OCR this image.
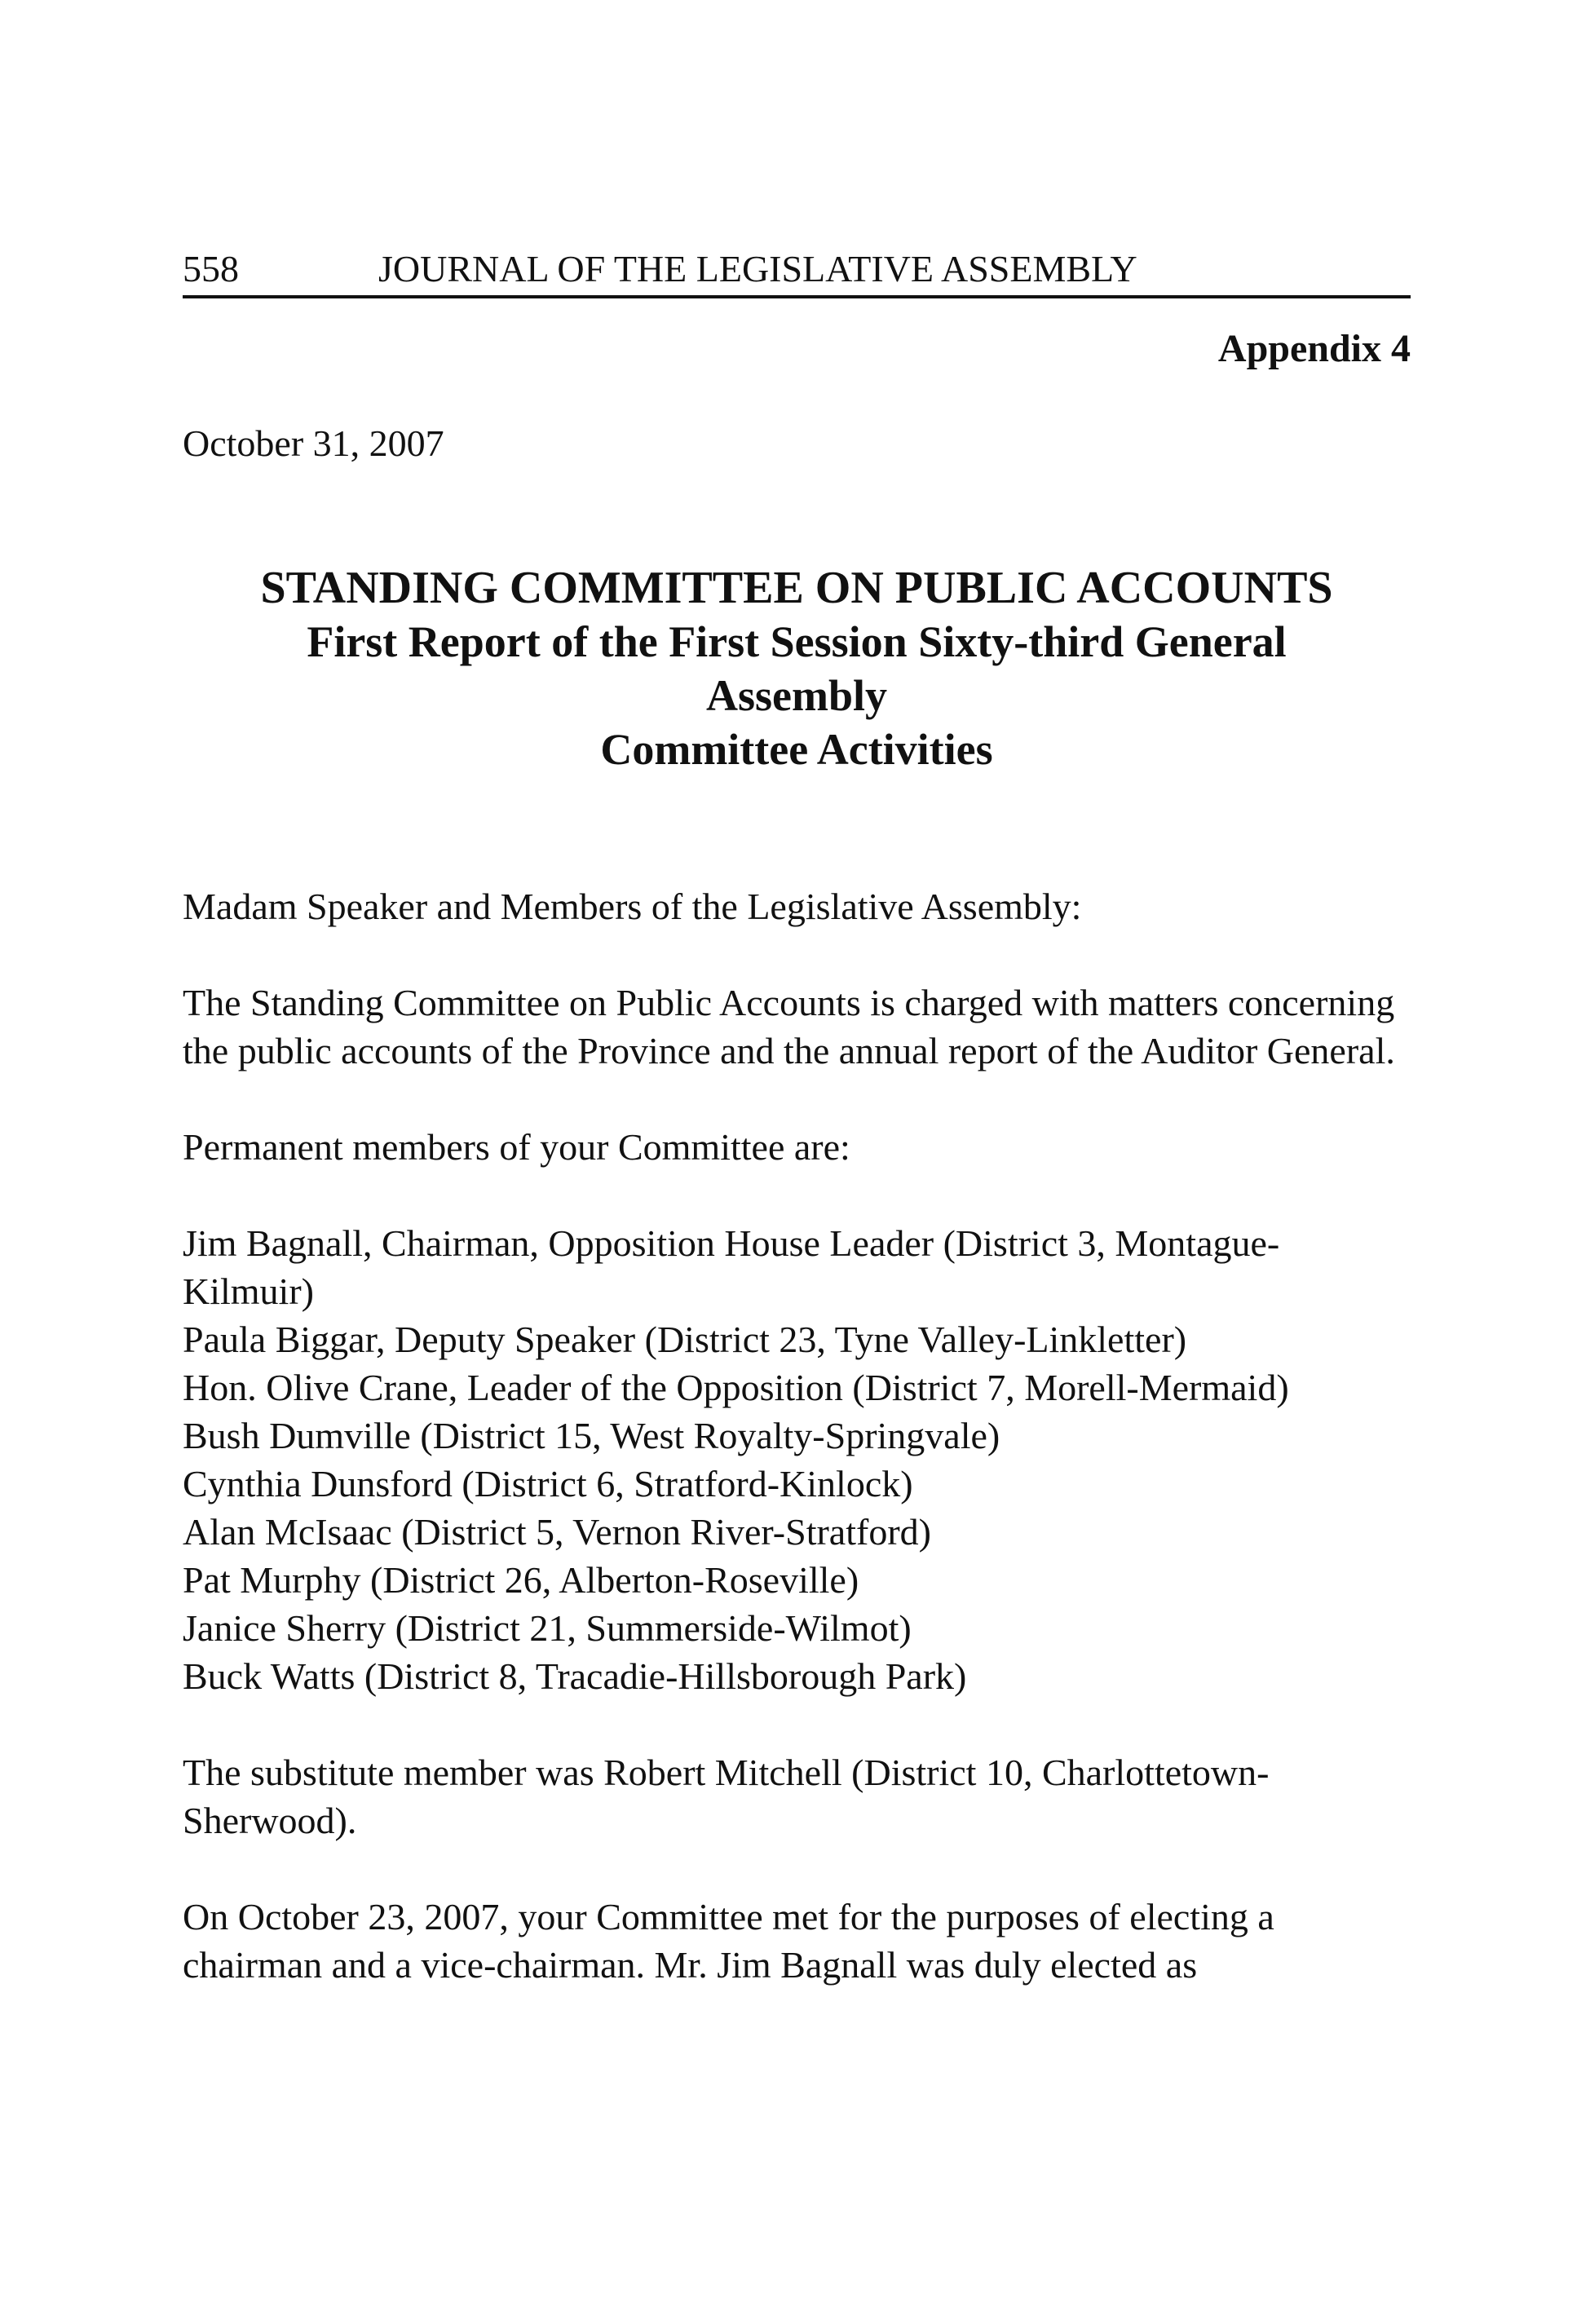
558	JOURNAL OF THE LEGISLATIVE ASSEMBLY
Appendix 4
October 31, 2007
STANDING COMMITTEE ON PUBLIC ACCOUNTS
First Report of the First Session Sixty-third General Assembly
Committee Activities

Madam Speaker and Members of the Legislative Assembly:

The Standing Committee on Public Accounts is charged with matters concerning the public accounts of the Province and the annual report of the Auditor General.

Permanent members of your Committee are:

Jim Bagnall, Chairman, Opposition House Leader (District 3, Montague-Kilmuir)
Paula Biggar, Deputy Speaker (District 23, Tyne Valley-Linkletter)
Hon. Olive Crane, Leader of the Opposition (District 7, Morell-Mermaid)
Bush Dumville (District 15, West Royalty-Springvale)
Cynthia Dunsford (District 6, Stratford-Kinlock)
Alan McIsaac (District 5, Vernon River-Stratford)
Pat Murphy (District 26, Alberton-Roseville)
Janice Sherry (District 21, Summerside-Wilmot)
Buck Watts (District 8, Tracadie-Hillsborough Park)

The substitute member was Robert Mitchell (District 10, Charlottetown-Sherwood).

On October 23, 2007, your Committee met for the purposes of electing a chairman and a vice-chairman. Mr. Jim Bagnall was duly elected as
